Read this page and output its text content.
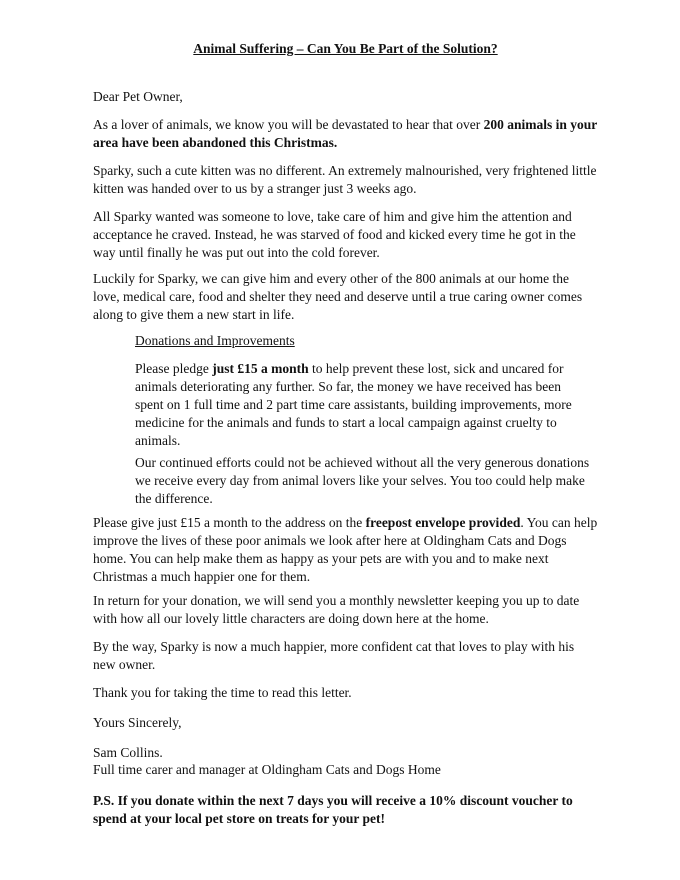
Animal Suffering – Can You Be Part of the Solution?

Dear Pet Owner,

As a lover of animals, we know you will be devastated to hear that over 200 animals in your area have been abandoned this Christmas.

Sparky, such a cute kitten was no different. An extremely malnourished, very frightened little kitten was handed over to us by a stranger just 3 weeks ago.

All Sparky wanted was someone to love, take care of him and give him the attention and acceptance he craved. Instead, he was starved of food and kicked every time he got in the way until finally he was put out into the cold forever.

Luckily for Sparky, we can give him and every other of the 800 animals at our home the love, medical care, food and shelter they need and deserve until a true caring owner comes along to give them a new start in life.

Donations and Improvements

Please pledge just £15 a month to help prevent these lost, sick and uncared for animals deteriorating any further. So far, the money we have received has been spent on 1 full time and 2 part time care assistants, building improvements, more medicine for the animals and funds to start a local campaign against cruelty to animals.

Our continued efforts could not be achieved without all the very generous donations we receive every day from animal lovers like your selves. You too could help make the difference.

Please give just £15 a month to the address on the freepost envelope provided. You can help improve the lives of these poor animals we look after here at Oldingham Cats and Dogs home. You can help make them as happy as your pets are with you and to make next Christmas a much happier one for them.

In return for your donation, we will send you a monthly newsletter keeping you up to date with how all our lovely little characters are doing down here at the home.

By the way, Sparky is now a much happier, more confident cat that loves to play with his new owner.

Thank you for taking the time to read this letter.

Yours Sincerely,

Sam Collins.

Full time carer and manager at Oldingham Cats and Dogs Home

P.S. If you donate within the next 7 days you will receive a 10% discount voucher to spend at your local pet store on treats for your pet!
